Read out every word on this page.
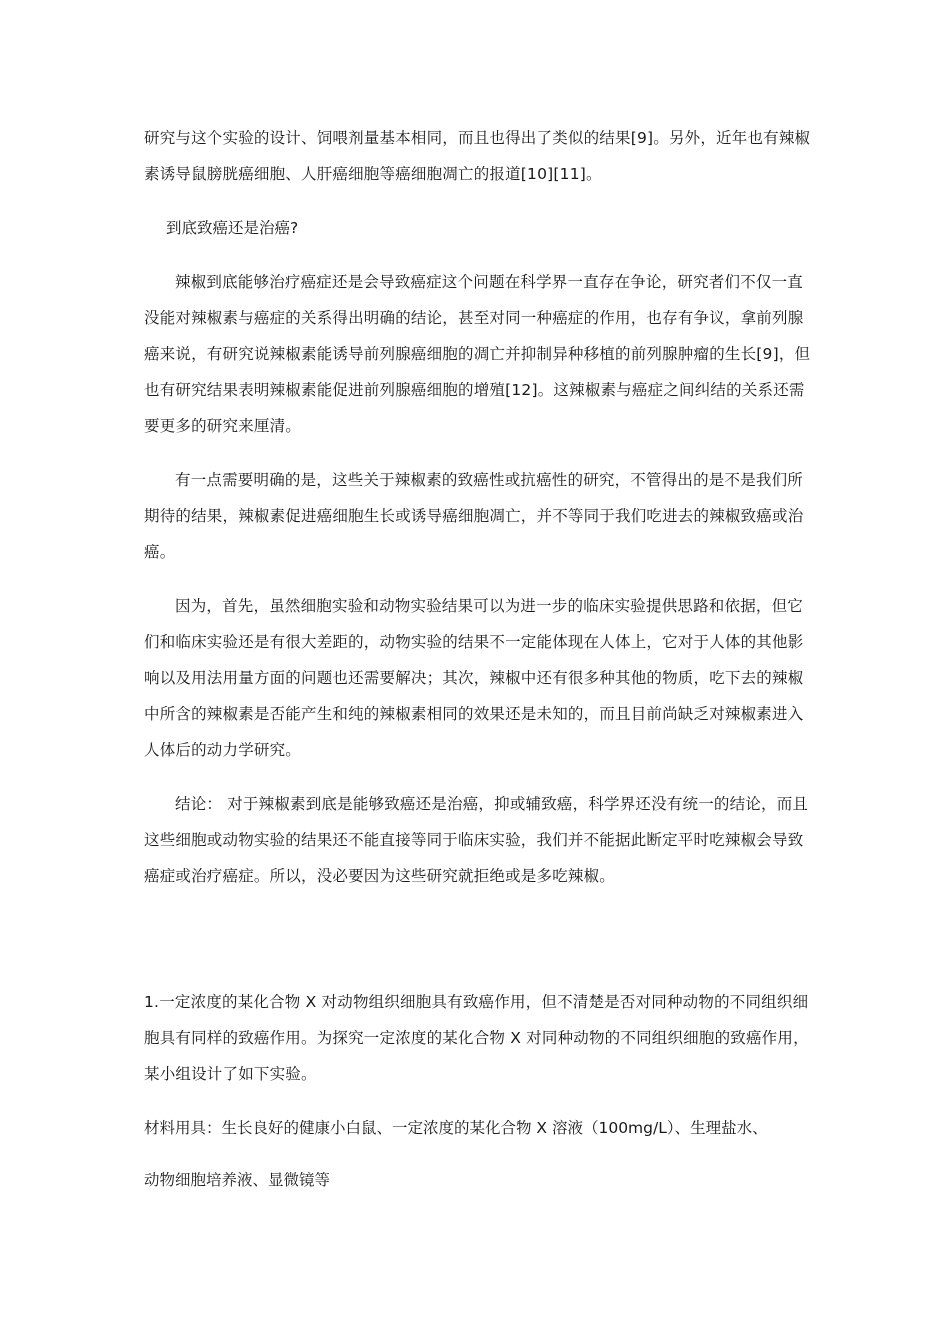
研究与这个实验的设计、饲喂剂量基本相同，而且也得出了类似的结果[9]。另外，近年也有辣椒素诱导鼠膀胱癌细胞、人肝癌细胞等癌细胞凋亡的报道[10][11]。

到底致癌还是治癌?

辣椒到底能够治疗癌症还是会导致癌症这个问题在科学界一直存在争论，研究者们不仅一直没能对辣椒素与癌症的关系得出明确的结论，甚至对同一种癌症的作用，也存有争议，拿前列腺癌来说，有研究说辣椒素能诱导前列腺癌细胞的凋亡并抑制异种移植的前列腺肿瘤的生长[9]，但也有研究结果表明辣椒素能促进前列腺癌细胞的增殖[12]。这辣椒素与癌症之间纠结的关系还需要更多的研究来厘清。

有一点需要明确的是，这些关于辣椒素的致癌性或抗癌性的研究，不管得出的是不是我们所期待的结果，辣椒素促进癌细胞生长或诱导癌细胞凋亡，并不等同于我们吃进去的辣椒致癌或治癌。

因为，首先，虽然细胞实验和动物实验结果可以为进一步的临床实验提供思路和依据，但它们和临床实验还是有很大差距的，动物实验的结果不一定能体现在人体上，它对于人体的其他影响以及用法用量方面的问题也还需要解决；其次，辣椒中还有很多种其他的物质，吃下去的辣椒中所含的辣椒素是否能产生和纯的辣椒素相同的效果还是未知的，而且目前尚缺乏对辣椒素进入人体后的动力学研究。

结论： 对于辣椒素到底是能够致癌还是治癌，抑或辅致癌，科学界还没有统一的结论，而且这些细胞或动物实验的结果还不能直接等同于临床实验，我们并不能据此断定平时吃辣椒会导致癌症或治疗癌症。所以，没必要因为这些研究就拒绝或是多吃辣椒。

1.一定浓度的某化合物 X 对动物组织细胞具有致癌作用，但不清楚是否对同种动物的不同组织细胞具有同样的致癌作用。为探究一定浓度的某化合物 X 对同种动物的不同组织细胞的致癌作用，某小组设计了如下实验。

材料用具：生长良好的健康小白鼠、一定浓度的某化合物 X 溶液（100mg/L）、生理盐水、

动物细胞培养液、显微镜等
